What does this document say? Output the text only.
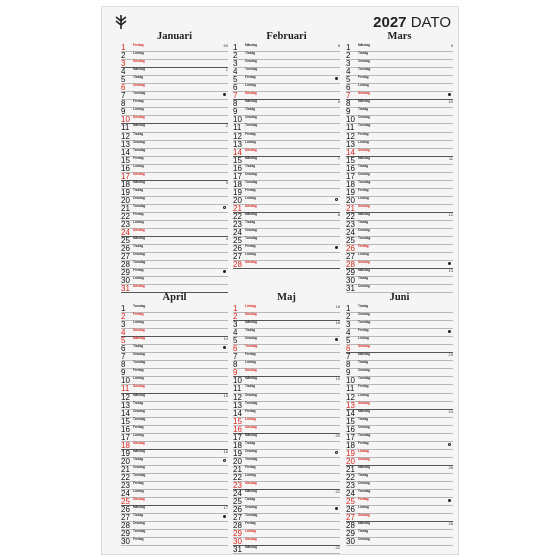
2027 DATO
Januari
1	Fredag	53
2	Lördag
3	Söndag
4	Måndag	1
5	Tisdag
6	Onsdag
7	Torsdag
8	Fredag
9	Lördag
10 Söndag
11	Måndag	2
12 Tisdag
13 Onsdag
14 Torsdag
15 Fredag
16 Lördag
17 Söndag
18 Måndag	3
19 Tisdag
20 Onsdag
21 Torsdag
22 Fredag
23 Lördag
24 Söndag
25 Måndag	4
26 Tisdag
27 Onsdag
28 Torsdag
29 Fredag
30 Lördag
31 Söndag
Februari
1	Måndag	5
2	Tisdag
3	Onsdag
4	Torsdag
5	Fredag
6	Lördag
7	Söndag
8	Måndag	6
9	Tisdag
10 Onsdag
11	Torsdag
12 Fredag
13 Lördag
14 Söndag
15 Måndag	7
16 Tisdag
17 Onsdag
18 Torsdag
19 Fredag
20 Lördag
21 Söndag
22 Måndag	8
23 Tisdag
24 Onsdag
25 Torsdag
26 Fredag
27 Lördag
28 Söndag
Mars
1	Måndag	9
2	Tisdag
3	Onsdag
4	Torsdag
5	Fredag
6	Lördag
7	Söndag
8	Måndag	10
9	Tisdag
10 Onsdag
11	Torsdag
12 Fredag
13 Lördag
14 Söndag
15 Måndag	11
16 Tisdag
17 Onsdag
18 Torsdag
19 Fredag
20 Lördag
21 Söndag
22 Måndag	12
23 Tisdag
24 Onsdag
25 Torsdag
26 Fredag
27 Lördag
28 Söndag
29 Måndag	13
30 Tisdag
31 Onsdag
April
1	Torsdag
2	Fredag
3	Lördag
4	Söndag
5	Måndag	14
6	Tisdag
7	Onsdag
8	Torsdag
9	Fredag
10 Lördag
11	Söndag
12 Måndag	15
13 Tisdag
14 Onsdag
15 Torsdag
16 Fredag
17 Lördag
18 Söndag
19 Måndag	16
20 Tisdag
21 Onsdag
22 Torsdag
23 Fredag
24 Lördag
25 Söndag
26 Måndag	17
27 Tisdag
28 Onsdag
29 Torsdag
30 Fredag
Maj
1	Lördag	18
2	Söndag
3	Måndag	18
4	Tisdag
5	Onsdag
6	Torsdag
7	Fredag
8	Lördag
9	Söndag
10 Måndag	19
11	Tisdag
12 Onsdag
13 Torsdag
14 Fredag
15 Lördag
16 Söndag
17 Måndag	20
18 Tisdag
19 Onsdag
20 Torsdag
21 Fredag
22 Lördag
23 Söndag
24 Måndag	21
25 Tisdag
26 Onsdag
27 Torsdag
28 Fredag
29 Lördag
30 Söndag
31 Måndag	22
Juni
1	Tisdag
2	Onsdag
3	Torsdag
4	Fredag
5	Lördag
6	Söndag
7	Måndag	23
8	Tisdag
9	Onsdag
10 Torsdag
11	Fredag
12 Lördag
13 Söndag
14 Måndag	24
15 Tisdag
16 Onsdag
17 Torsdag
18 Fredag
19 Lördag
20 Söndag
21 Måndag	25
22 Tisdag
23 Onsdag
24 Torsdag
25 Fredag
26 Lördag
27 Söndag
28 Måndag	26
29 Tisdag
30 Onsdag
